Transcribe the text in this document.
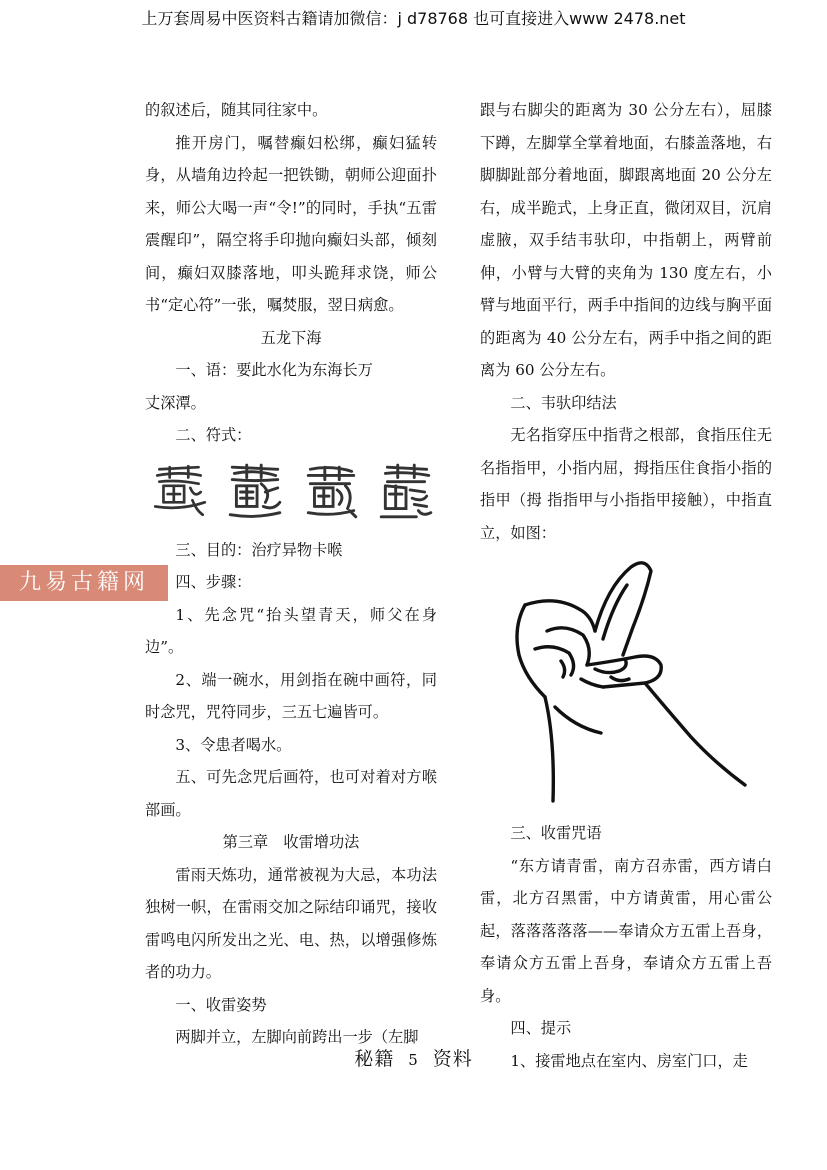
上万套周易中医资料古籍请加微信：j d78768 也可直接进入www 2478.net

的叙述后，随其同往家中。

推开房门，嘱替癫妇松绑，癫妇猛转身，从墙角边拎起一把铁锄，朝师公迎面扑来，师公大喝一声“令!”的同时，手执“五雷震醒印”，隔空将手印抛向癫妇头部，倾刻间，癫妇双膝落地，叩头跪拜求饶，师公书“定心符”一张，嘱焚服，翌日病愈。

五龙下海

一、语：要此水化为东海长万

丈深潭。

二、符式：

三、目的：治疗异物卡喉

四、步骤：

1、先念咒“抬头望青天，师父在身边”。

2、端一碗水，用剑指在碗中画符，同时念咒，咒符同步，三五七遍皆可。

3、令患者喝水。

五、可先念咒后画符，也可对着对方喉部画。

第三章　收雷增功法

雷雨天炼功，通常被视为大忌，本功法独树一帜，在雷雨交加之际结印诵咒，接收雷鸣电闪所发出之光、电、热，以增强修炼者的功力。

一、收雷姿势

两脚并立，左脚向前跨出一步（左脚

跟与右脚尖的距离为 30 公分左右），屈膝下蹲，左脚掌全掌着地面，右膝盖落地，右脚脚趾部分着地面，脚跟离地面 20 公分左右，成半跪式，上身正直，微闭双目，沉肩虚腋，双手结韦驮印，中指朝上，两臂前伸，小臂与大臂的夹角为 130 度左右，小臂与地面平行，两手中指间的边线与胸平面的距离为 40 公分左右，两手中指之间的距离为 60 公分左右。

二、韦驮印结法

无名指穿压中指背之根部，食指压住无名指指甲，小指内屈，拇指压住食指小指的指甲（拇 指指甲与小指指甲接触），中指直立，如图：

三、收雷咒语

“东方请青雷，南方召赤雷，西方请白雷，北方召黑雷，中方请黄雷，用心雷公起，落落落落落——奉请众方五雷上吾身，奉请众方五雷上吾身，奉请众方五雷上吾身。

四、提示

1、接雷地点在室内、房室门口，走

九易古籍网
秘籍 5 资料
